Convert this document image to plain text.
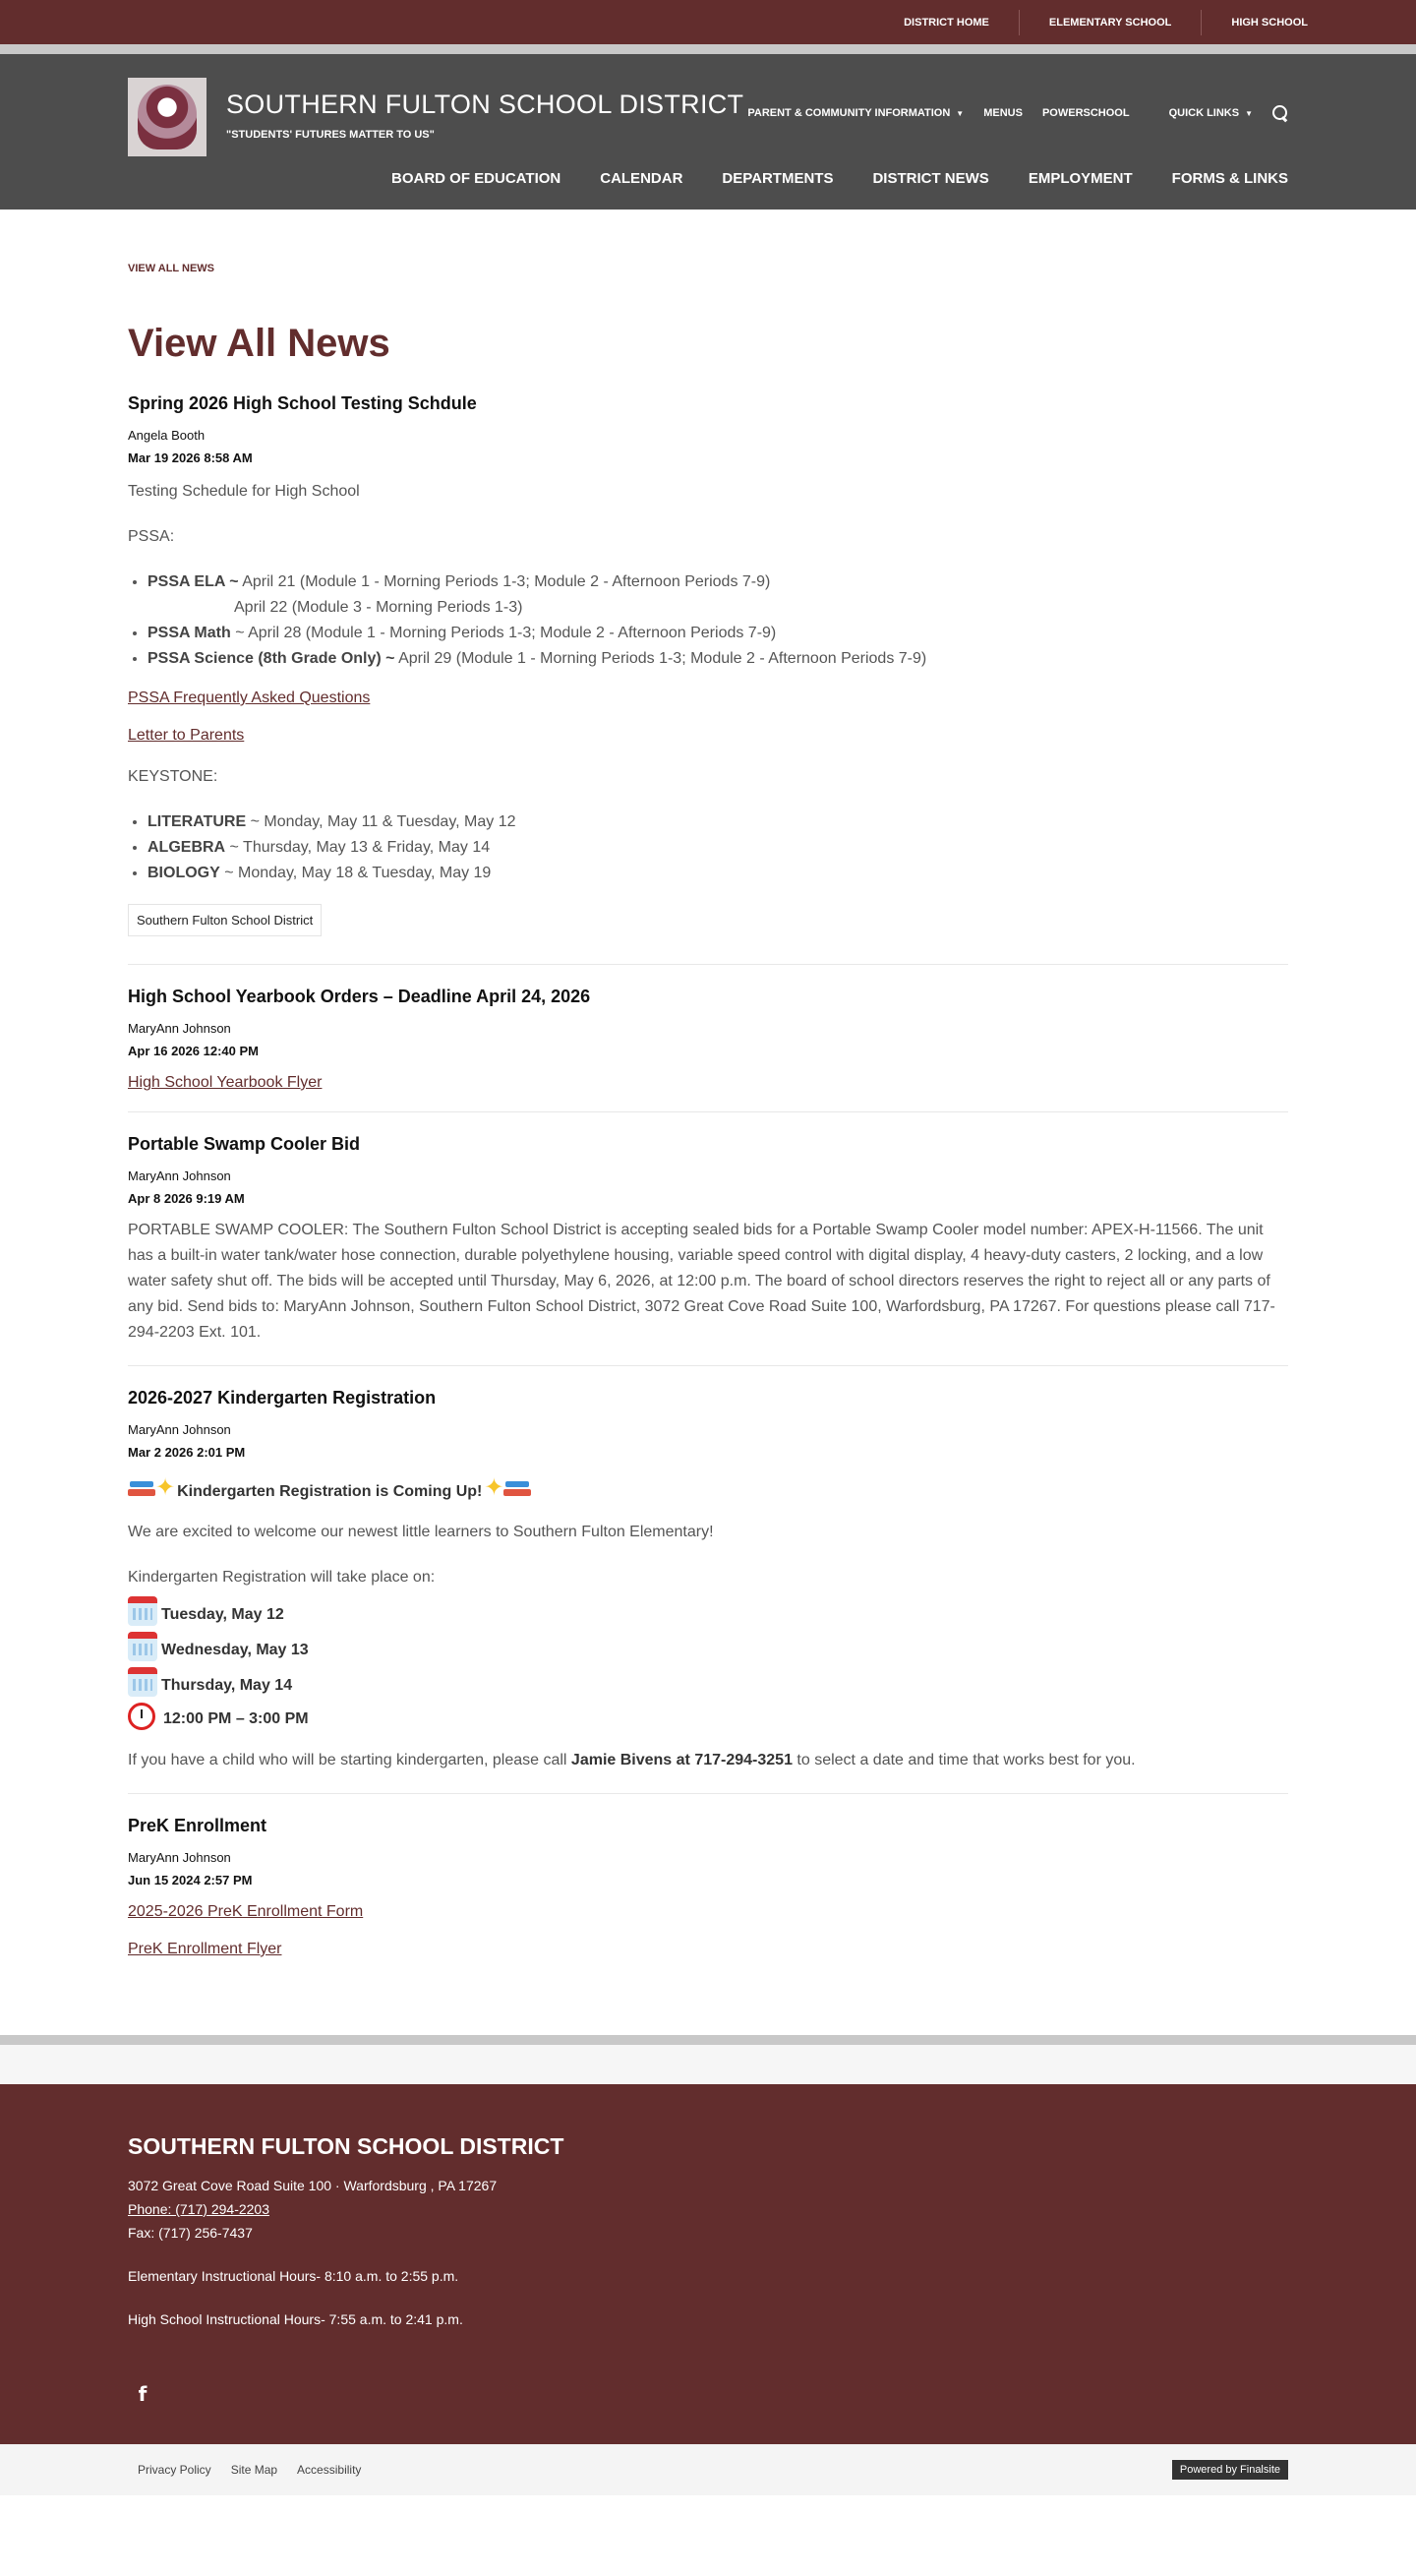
DISTRICT HOME	ELEMENTARY SCHOOL	HIGH SCHOOL
SOUTHERN FULTON SCHOOL DISTRICT
"STUDENTS' FUTURES MATTER TO US"
PARENT & COMMUNITY INFORMATION ▼ MENUS POWERSCHOOL	QUICK LINKS ▼
BOARD OF EDUCATION	CALENDAR	DEPARTMENTS	DISTRICT NEWS	EMPLOYMENT	FORMS & LINKS
VIEW ALL NEWS
View All News
Spring 2026 High School Testing Schdule
Angela Booth
Mar 19 2026 8:58 AM
Testing Schedule for High School
PSSA:
• PSSA ELA ~ April 21 (Module 1 - Morning Periods 1-3; Module 2 - Afternoon Periods 7-9)
April 22 (Module 3 - Morning Periods 1-3)
• PSSA Math ~ April 28 (Module 1 - Morning Periods 1-3; Module 2 - Afternoon Periods 7-9)
• PSSA Science (8th Grade Only) ~ April 29 (Module 1 - Morning Periods 1-3; Module 2 - Afternoon Periods 7-9)
PSSA Frequently Asked Questions
Letter to Parents
KEYSTONE:
• LITERATURE ~ Monday, May 11 & Tuesday, May 12
• ALGEBRA ~ Thursday, May 13 & Friday, May 14
• BIOLOGY ~ Monday, May 18 & Tuesday, May 19
Southern Fulton School District
High School Yearbook Orders – Deadline April 24, 2026
MaryAnn Johnson
Apr 16 2026 12:40 PM
High School Yearbook Flyer
Portable Swamp Cooler Bid
MaryAnn Johnson
Apr 8 2026 9:19 AM
PORTABLE SWAMP COOLER: The Southern Fulton School District is accepting sealed bids for a Portable Swamp Cooler model number: APEX-H-11566. The unit has a built-in water tank/water hose connection, durable polyethylene housing, variable speed control with digital display, 4 heavy-duty casters, 2 locking, and a low water safety shut off. The bids will be accepted until Thursday, May 6, 2026, at 12:00 p.m. The board of school directors reserves the right to reject all or any parts of any bid. Send bids to: MaryAnn Johnson, Southern Fulton School District, 3072 Great Cove Road Suite 100, Warfordsburg, PA 17267. For questions please call 717-294-2203 Ext. 101.
2026-2027 Kindergarten Registration
MaryAnn Johnson
Mar 2 2026 2:01 PM
✦ Kindergarten Registration is Coming Up! ✦
We are excited to welcome our newest little learners to Southern Fulton Elementary!
Kindergarten Registration will take place on:
Tuesday, May 12
Wednesday, May 13
Thursday, May 14
12:00 PM – 3:00 PM
If you have a child who will be starting kindergarten, please call Jamie Bivens at 717-294-3251 to select a date and time that works best for you.
PreK Enrollment
MaryAnn Johnson
Jun 15 2024 2:57 PM
2025-2026 PreK Enrollment Form
PreK Enrollment Flyer
SOUTHERN FULTON SCHOOL DISTRICT
3072 Great Cove Road Suite 100 · Warfordsburg , PA 17267
Phone: (717) 294-2203
Fax: (717) 256-7437
Elementary Instructional Hours- 8:10 a.m. to 2:55 p.m.
High School Instructional Hours- 7:55 a.m. to 2:41 p.m.
f
Privacy Policy Site Map Accessibility	Powered by Finalsite
